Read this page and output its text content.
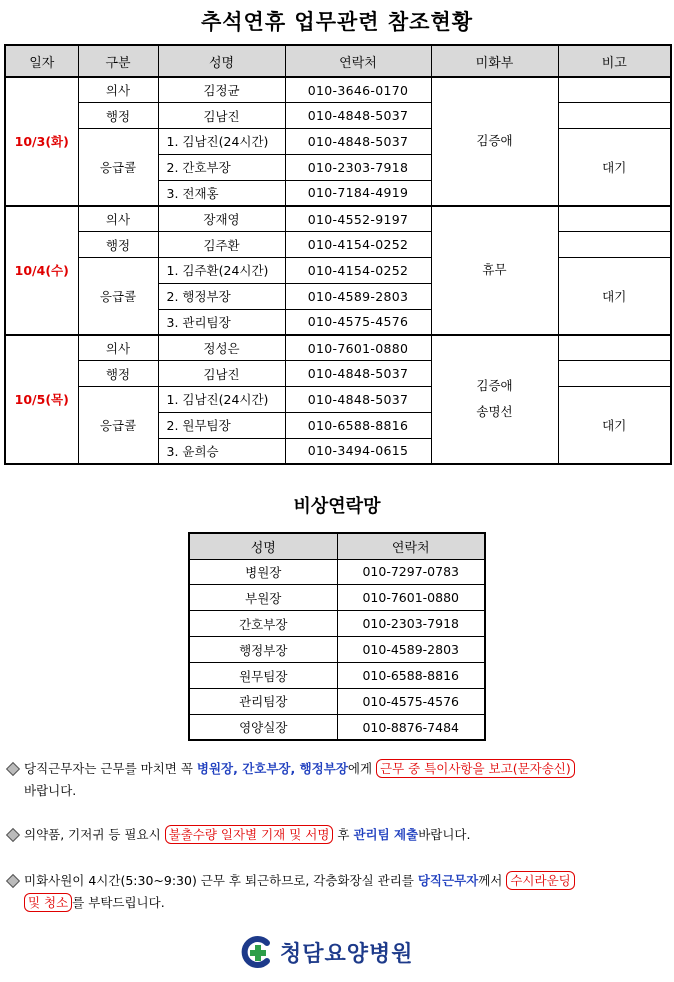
추석연휴 업무관련 참조현황
일자	구분	성명	연락처	미화부	비고
10/3(화)	의사	김정균	010-3646-0170	김증애	

	행정	김남진	010-4848-5037		
	응급콜	1. 김남진(24시간)	010-4848-5037		대기
		2. 간호부장	010-2303-7918		
		3. 전재홍	010-7184-4919		
10/4(수)	의사	장재영	010-4552-9197	휴무	

	행정	김주환	010-4154-0252		
	응급콜	1. 김주환(24시간)	010-4154-0252		대기
		2. 행정부장	010-4589-2803		
		3. 관리팀장	010-4575-4576		
10/5(목)	의사	정성은	010-7601-0880	김증애
송명선	

	행정	김남진	010-4848-5037		
	응급콜	1. 김남진(24시간)	010-4848-5037		대기
		2. 원무팀장	010-6588-8816		
		3. 윤희승	010-3494-0615		
비상연락망
성명	연락처
병원장	010-7297-0783
부원장	010-7601-0880
간호부장	010-2303-7918
행정부장	010-4589-2803
원무팀장	010-6588-8816
관리팀장	010-4575-4576
영양실장	010-8876-7484
당직근무자는 근무를 마치면 꼭 병원장, 간호부장, 행정부장에게 근무 중 특이사항을 보고(문자송신)
바랍니다.
의약품, 기저귀 등 필요시 불출수량 일자별 기재 및 서명 후 관리팀 제출바랍니다.
미화사원이 4시간(5:30~9:30) 근무 후 퇴근하므로, 각층화장실 관리를 당직근무자께서 수시라운딩
및 청소 를 부탁드립니다.
청담요양병원
